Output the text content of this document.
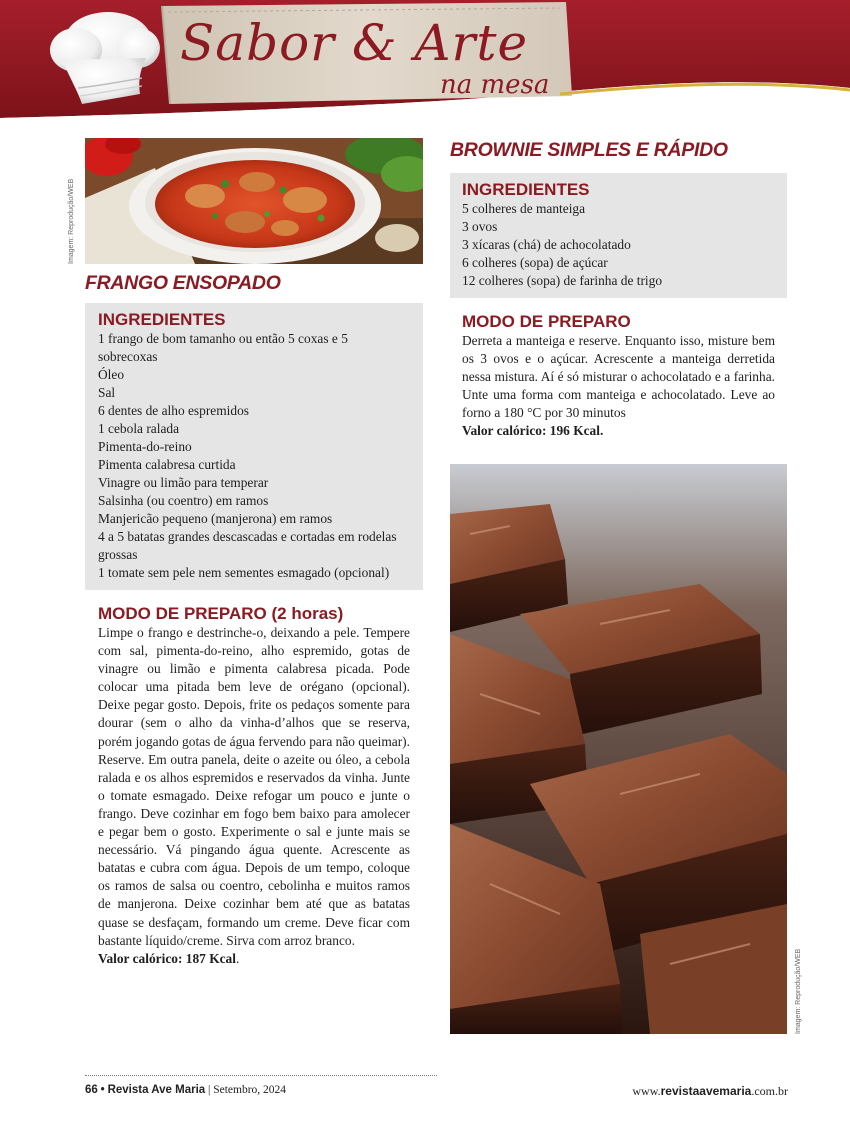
Sabor & Arte
na mesa
Imagem: Reprodução/WEB
FRANGO ENSOPADO
INGREDIENTES
1 frango de bom tamanho ou então 5 coxas e 5 sobrecoxas
Óleo
Sal
6 dentes de alho espremidos
1 cebola ralada
Pimenta-do-reino
Pimenta calabresa curtida
Vinagre ou limão para temperar
Salsinha (ou coentro) em ramos
Manjericão pequeno (manjerona) em ramos
4 a 5 batatas grandes descascadas e cortadas em rodelas grossas
1 tomate sem pele nem sementes esmagado (opcional)
MODO DE PREPARO (2 horas)

Limpe o frango e destrinche-o, deixando a pele. Tempere com sal, pimenta-do-reino, alho espremido, gotas de vinagre ou limão e pimenta calabresa picada. Pode colocar uma pitada bem leve de orégano (opcional). Deixe pegar gosto. Depois, frite os pedaços somente para dourar (sem o alho da vinha-d’alhos que se reserva, porém jogando gotas de água fervendo para não queimar). Reserve. Em outra panela, deite o azeite ou óleo, a cebola ralada e os alhos espremidos e reservados da vinha. Junte o tomate esmagado. Deixe refogar um pouco e junte o frango. Deve cozinhar em fogo bem baixo para amolecer e pegar bem o gosto. Experimente o sal e junte mais se necessário. Vá pingando água quente. Acrescente as batatas e cubra com água. Depois de um tempo, coloque os ramos de salsa ou coentro, cebolinha e muitos ramos de manjerona. Deixe cozinhar bem até que as batatas quase se desfaçam, formando um creme. Deve ficar com bastante líquido/creme. Sirva com arroz branco.

Valor calórico: 187 Kcal.
BROWNIE SIMPLES E RÁPIDO
INGREDIENTES
5 colheres de manteiga
3 ovos
3 xícaras (chá) de achocolatado
6 colheres (sopa) de açúcar
12 colheres (sopa) de farinha de trigo
MODO DE PREPARO

Derreta a manteiga e reserve. Enquanto isso, misture bem os 3 ovos e o açúcar. Acrescente a manteiga derretida nessa mistura. Aí é só misturar o achocolatado e a farinha. Unte uma forma com manteiga e achocolatado. Leve ao forno a 180 °C por 30 minutos

Valor calórico: 196 Kcal.
Imagem: Reprodução/WEB
66 • Revista Ave Maria | Setembro, 2024	www.revistaavemaria.com.br
